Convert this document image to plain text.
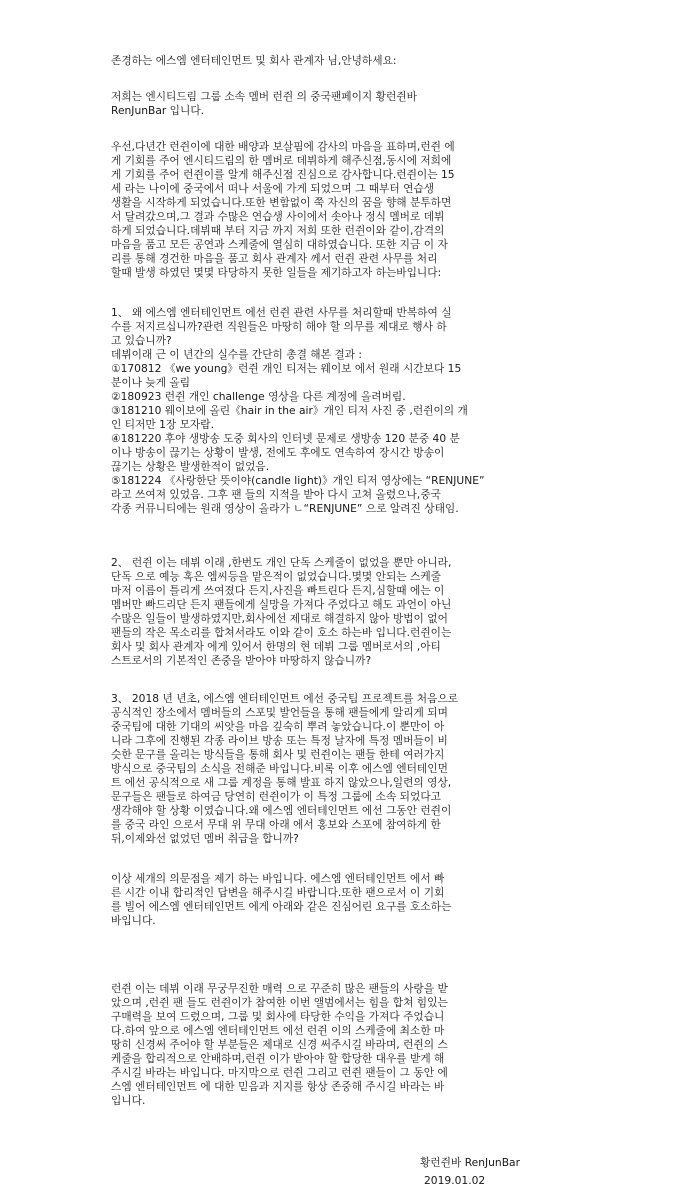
존경하는 에스엠 엔터테인먼트 및 회사 관계자 님,안녕하세요:
저희는 엔시티드림 그룹 소속 멤버 런쥔 의 중국팬페이지 황런쥔바
RenJunBar 입니다.
우선,다년간 런쥔이에 대한 배양과 보살핌에 감사의 마음을 표하며,런쥔 에
게 기회를 주어 엔시티드림의 한 멤버로 데뷔하게 해주신점,동시에 저희에
게 기회를 주어 런쥔이를 알게 해주신점 진심으로 감사합니다.런쥔이는 15
세 라는 나이에 중국에서 떠나 서울에 가게 되었으며 그 때부터 연습생
생활을 시작하게 되었습니다.또한 변함없이 쭉 자신의 꿈을 향해 분투하면
서 달려갔으며,그 결과 수많은 연습생 사이에서 솟아나 정식 멤버로 데뷔
하게 되었습니다.데뷔때 부터 지금 까지 저희 또한 런쥔이와 같이,감격의
마음을 품고 모든 공연과 스케줄에 열심히 대하였습니다. 또한 지금 이 자
리를 통해 경건한 마음을 품고 회사 관계자 께서 런쥔 관련 사무를 처리
할때 발생 하였던 몇몇 타당하지 못한 일들을 제기하고자 하는바입니다:
1、 왜 에스엠 엔터테인먼트 에선 런쥔 관련 사무를 처리할때 반복하여 실
수를 저지르십니까?관련 직원들은 마땅히 해야 할 의무를 제대로 행사 하
고 있습니까?
데뷔이래 근 이 년간의 실수를 간단히 총결 해본 결과 :
①170812 《we young》런쥔 개인 티저는 웨이보 에서 원래 시간보다 15
분이나 늦게 올림
②180923 런쥔 개인 challenge 영상을 다른 계정에 올려버림.
③181210 웨이보에 올린《hair in the air》개인 티저 사진 중 ,런쥔이의 개
인 티저만 1장 모자람.
④181220 후야 생방송 도중 회사의 인터넷 문제로 생방송 120 분중 40 분
이나 방송이 끊기는 상황이 발생, 전에도 후에도 연속하여 장시간 방송이
끊기는 상황은 발생한적이 없었음.
⑤181224 《사랑한단 뜻이야(candle light)》개인 티저 영상에는 “RENJUNE”
라고 쓰여져 있었음. 그후 팬 들의 지적을 받아 다시 고쳐 올렸으나,중국
각종 커뮤니티에는 원래 영상이 올라가 ㄴ“RENJUNE” 으로 알려진 상태임.
2、 런쥔 이는 데뷔 이래 ,한번도 개인 단독 스케줄이 없었을 뿐만 아니라,
단독 으로 예능 혹은 엠씨등을 맡은적이 없었습니다.몇몇 안되는 스케줄
마저 이름이 틀리게 쓰여졌다 든지,사진을 빠트린다 든지,심할때 에는 이
멤버만 빠드리단 든지 팬들에게 실망을 가져다 주었다고 해도 과언이 아닌
수많은 일들이 발생하였지만,회사에선 제대로 해결하지 않아 방법이 없어
팬들의 작은 목소리를 합쳐서라도 이와 같이 호소 하는바 입니다.런쥔이는
회사 및 회사 관계자 에게 있어서 한명의 현 데뷔 그룹 멤버로서의 ,아티
스트로서의 기본적인 존중을 받아야 마땅하지 않습니까?
3、 2018 년 년초, 에스엠 엔터테인먼트 에선 중국팀 프로젝트를 처음으로
공식적인 장소에서 멤버들의 스포및 발언들을 통해 팬들에게 알리게 되며
중국팀에 대한 기대의 씨앗을 마음 깊숙히 뿌려 놓았습니다.이 뿐만이 아
니라 그후에 진행된 각종 라이브 방송 또는 특정 날자에 특정 멤버들이 비
슷한 문구를 올리는 방식들을 통해 회사 및 런쥔이는 팬들 한테 여러가지
방식으로 중국팀의 소식을 전해준 바입니다.비록 이후 에스엠 엔터테인먼
트 에선 공식적으로 새 그룹 계정을 통해 발표 하지 않았으나,일련의 영상,
문구들은 팬들로 하여금 당연히 런쥔이가 이 특정 그룹에 소속 되었다고
생각해야 할 상황 이였습니다.왜 에스엠 엔터테인먼트 에선 그동안 런쥔이
를 중국 라인 으로서 무대 위 무대 아래 에서 홍보와 스포에 참여하게 한
뒤,이제와선 없었던 멤버 취급을 합니까?
이상 세개의 의문점을 제기 하는 바입니다. 에스엠 엔터테인먼트 에서 빠
른 시간 이내 합리적인 답변을 해주시길 바랍니다.또한 팬으로서 이 기회
를 빌어 에스엠 엔터테인먼트 에게 아래와 같은 진심어린 요구를 호소하는
바입니다.
런쥔 이는 데뷔 이래 무궁무진한 매력 으로 꾸준히 많은 팬들의 사랑을 받
았으며 ,런쥔 팬 들도 런쥔이가 참여한 이번 앨범에서는 힘을 합쳐 힘있는
구매력을 보여 드렸으며, 그룹 및 회사에 타당한 수익을 가져다 주었습니
다.하여 앞으로 에스엠 엔터테인먼트 에선 런쥔 이의 스케줄에 최소한 마
땅히 신경써 주어야 할 부분들은 제대로 신경 써주시길 바라며, 런쥔의 스
케줄을 합리적으로 안배하며,런쥔 이가 받아야 할 합당한 대우를 받게 해
주시길 바라는 바입니다. 마지막으로 런쥔 그리고 런쥔 팬들이 그 동안 에
스엠 엔터테인먼트 에 대한 믿음과 지지를 항상 존중해 주시길 바라는 바
입니다.
황런쥔바 RenJunBar
2019.01.02
